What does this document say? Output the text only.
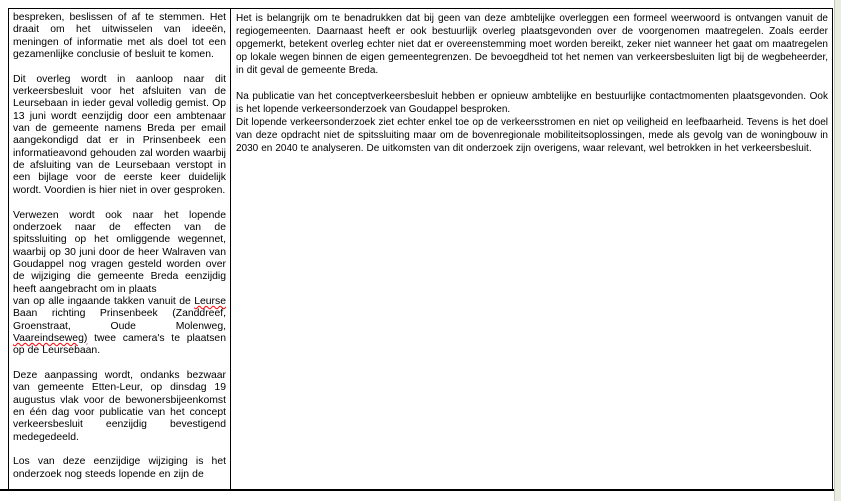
bespreken, beslissen of af te stemmen. Het draait om het uitwisselen van ideeën, meningen of informatie met als doel tot een gezamenlijke conclusie of besluit te komen.

Dit overleg wordt in aanloop naar dit verkeersbesluit voor het afsluiten van de Leursebaan in ieder geval volledig gemist. Op 13 juni wordt eenzijdig door een ambtenaar van de gemeente namens Breda per email aangekondigd dat er in Prinsenbeek een informatieavond gehouden zal worden waarbij de afsluiting van de Leursebaan verstopt in een bijlage voor de eerste keer duidelijk wordt. Voordien is hier niet in over gesproken.

Verwezen wordt ook naar het lopende onderzoek naar de effecten van de spitssluiting op het omliggende wegennet, waarbij op 30 juni door de heer Walraven van Goudappel nog vragen gesteld worden over de wijziging die gemeente Breda eenzijdig heeft aangebracht om in plaats
van op alle ingaande takken vanuit de Leurse Baan richting Prinsenbeek (Zanddreef, Groenstraat, Oude Molenweg, Vaareindseweg) twee camera's te plaatsen op de Leursebaan.

Deze aanpassing wordt, ondanks bezwaar van gemeente Etten-Leur, op dinsdag 19 augustus vlak voor de bewonersbijeenkomst en één dag voor publicatie van het concept verkeersbesluit eenzijdig bevestigend medegedeeld.

Los van deze eenzijdige wijziging is het onderzoek nog steeds lopende en zijn de

Het is belangrijk om te benadrukken dat bij geen van deze ambtelijke overleggen een formeel weerwoord is ontvangen vanuit de regiogemeenten. Daarnaast heeft er ook bestuurlijk overleg plaatsgevonden over de voorgenomen maatregelen. Zoals eerder opgemerkt, betekent overleg echter niet dat er overeenstemming moet worden bereikt, zeker niet wanneer het gaat om maatregelen op lokale wegen binnen de eigen gemeentegrenzen. De bevoegdheid tot het nemen van verkeersbesluiten ligt bij de wegbeheerder, in dit geval de gemeente Breda.

Na publicatie van het conceptverkeersbesluit hebben er opnieuw ambtelijke en bestuurlijke contactmomenten plaatsgevonden. Ook is het lopende verkeersonderzoek van Goudappel besproken.

Dit lopende verkeersonderzoek ziet echter enkel toe op de verkeersstromen en niet op veiligheid en leefbaarheid. Tevens is het doel van deze opdracht niet de spitssluiting maar om de bovenregionale mobiliteitsoplossingen, mede als gevolg van de woningbouw in 2030 en 2040 te analyseren. De uitkomsten van dit onderzoek zijn overigens, waar relevant, wel betrokken in het verkeersbesluit.
